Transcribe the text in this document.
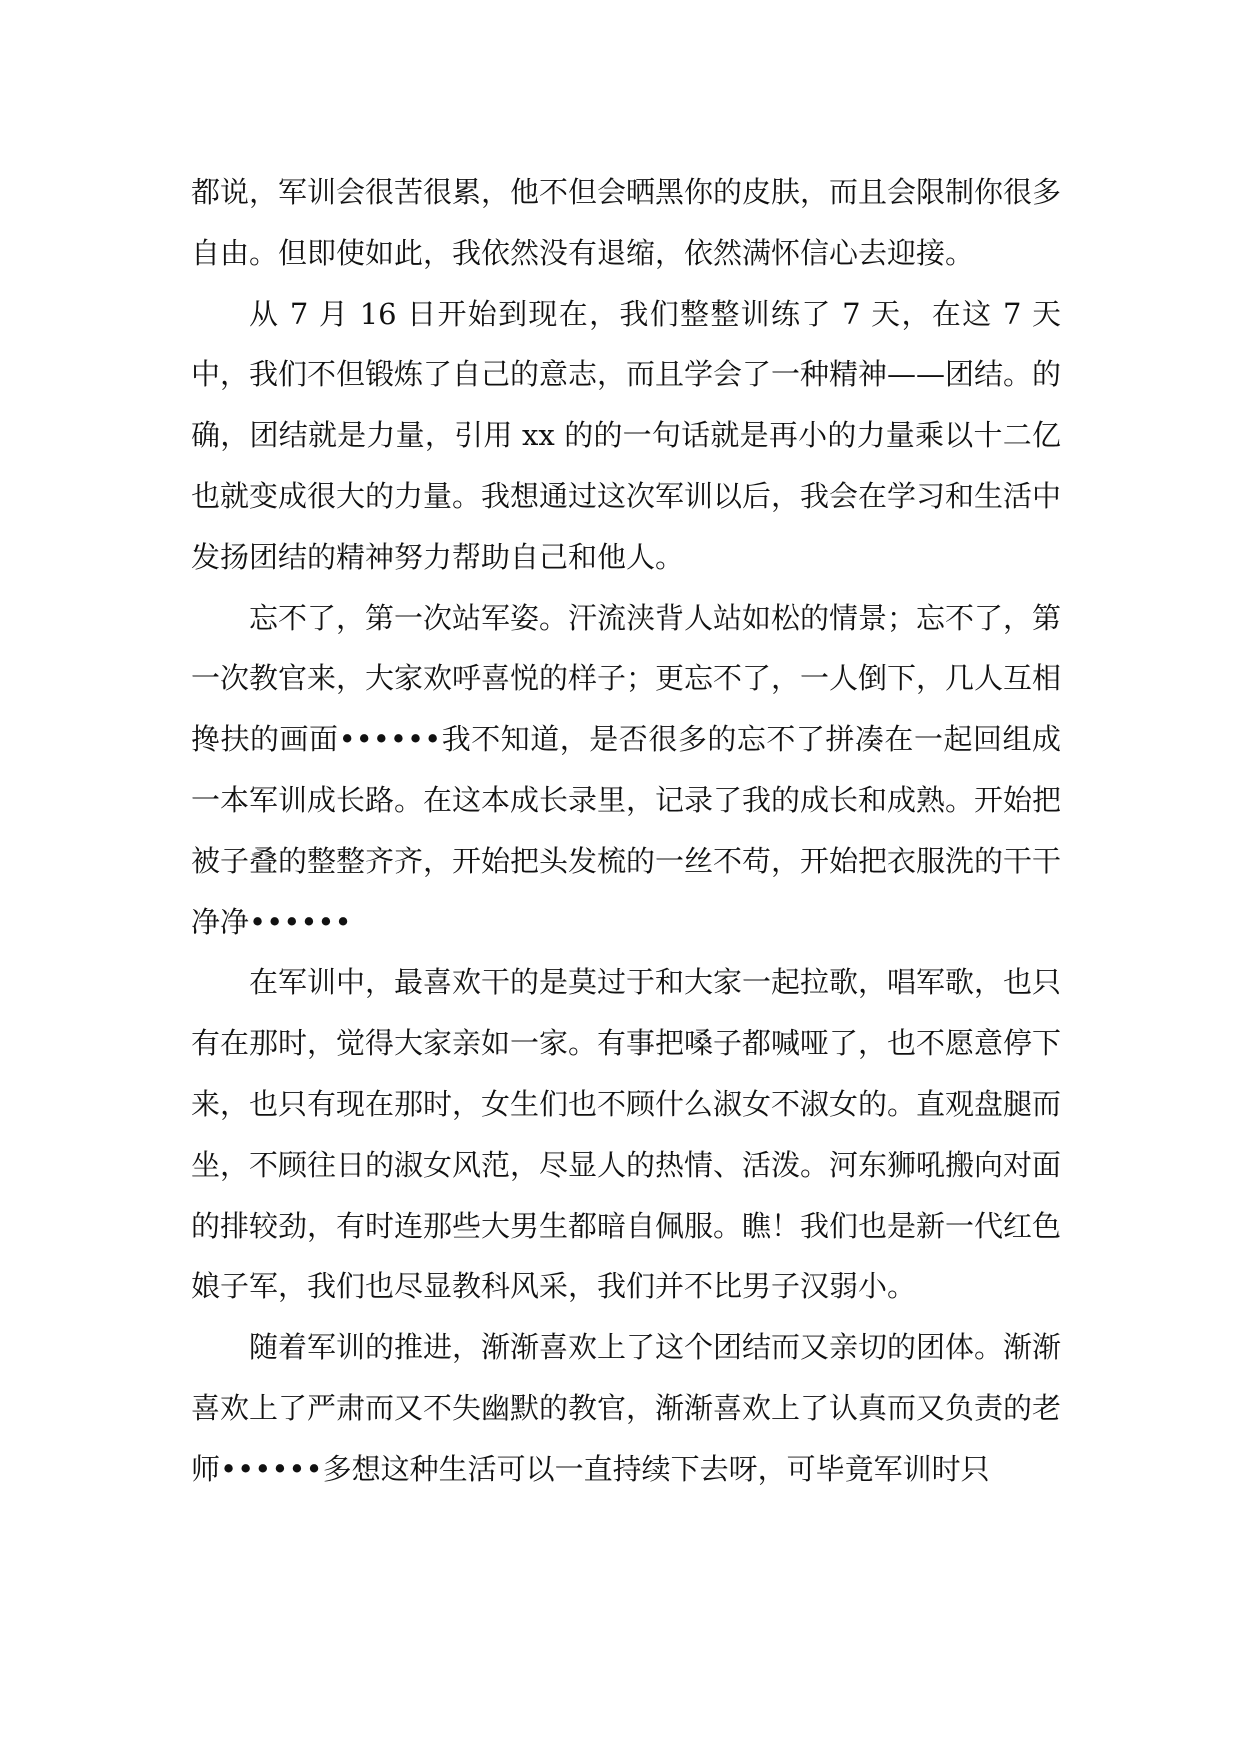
都说，军训会很苦很累，他不但会晒黑你的皮肤，而且会限制你很多自由。但即使如此，我依然没有退缩，依然满怀信心去迎接。

从 7 月 16 日开始到现在，我们整整训练了 7 天，在这 7 天中，我们不但锻炼了自己的意志，而且学会了一种精神——团结。的确，团结就是力量，引用 xx 的的一句话就是再小的力量乘以十二亿也就变成很大的力量。我想通过这次军训以后，我会在学习和生活中发扬团结的精神努力帮助自己和他人。

忘不了，第一次站军姿。汗流浃背人站如松的情景；忘不了，第一次教官来，大家欢呼喜悦的样子；更忘不了，一人倒下，几人互相搀扶的画面••••••我不知道，是否很多的忘不了拼凑在一起回组成一本军训成长路。在这本成长录里，记录了我的成长和成熟。开始把被子叠的整整齐齐，开始把头发梳的一丝不苟，开始把衣服洗的干干净净••••••

在军训中，最喜欢干的是莫过于和大家一起拉歌，唱军歌，也只有在那时，觉得大家亲如一家。有事把嗓子都喊哑了，也不愿意停下来，也只有现在那时，女生们也不顾什么淑女不淑女的。直观盘腿而坐，不顾往日的淑女风范，尽显人的热情、活泼。河东狮吼搬向对面的排较劲，有时连那些大男生都暗自佩服。瞧！我们也是新一代红色娘子军，我们也尽显教科风采，我们并不比男子汉弱小。

随着军训的推进，渐渐喜欢上了这个团结而又亲切的团体。渐渐喜欢上了严肃而又不失幽默的教官，渐渐喜欢上了认真而又负责的老师••••••多想这种生活可以一直持续下去呀，可毕竟军训时只
